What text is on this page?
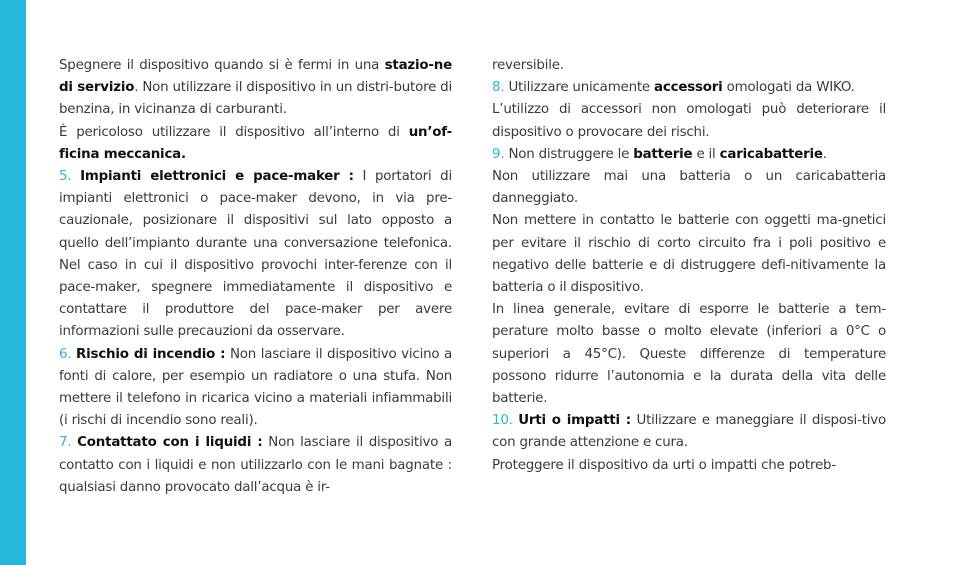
Spegnere il dispositivo quando si è fermi in una stazio-ne di servizio. Non utilizzare il dispositivo in un distri-butore di benzina, in vicinanza di carburanti.

È pericoloso utilizzare il dispositivo all’interno di un’of-ficina meccanica.

5. Impianti elettronici e pace-maker : I portatori di impianti elettronici o pace-maker devono, in via pre-cauzionale, posizionare il dispositivi sul lato opposto a quello dell’impianto durante una conversazione telefonica. Nel caso in cui il dispositivo provochi inter-ferenze con il pace-maker, spegnere immediatamente il dispositivo e contattare il produttore del pace-maker per avere informazioni sulle precauzioni da osservare.

6. Rischio di incendio : Non lasciare il dispositivo vicino a fonti di calore, per esempio un radiatore o una stufa. Non mettere il telefono in ricarica vicino a materiali infiammabili (i rischi di incendio sono reali).

7. Contattato con i liquidi : Non lasciare il dispositivo a contatto con i liquidi e non utilizzarlo con le mani bagnate : qualsiasi danno provocato dall’acqua è ir-

reversibile.

8. Utilizzare unicamente accessori omologati da WIKO.

L’utilizzo di accessori non omologati può deteriorare il dispositivo o provocare dei rischi.

9. Non distruggere le batterie e il caricabatterie.

Non utilizzare mai una batteria o un caricabatteria danneggiato.

Non mettere in contatto le batterie con oggetti ma-gnetici per evitare il rischio di corto circuito fra i poli positivo e negativo delle batterie e di distruggere defi-nitivamente la batteria o il dispositivo.

In linea generale, evitare di esporre le batterie a tem-perature molto basse o molto elevate (inferiori a 0°C o superiori a 45°C). Queste differenze di temperature possono ridurre l’autonomia e la durata della vita delle batterie.

10. Urti o impatti : Utilizzare e maneggiare il disposi-tivo con grande attenzione e cura.

Proteggere il dispositivo da urti o impatti che potreb-
